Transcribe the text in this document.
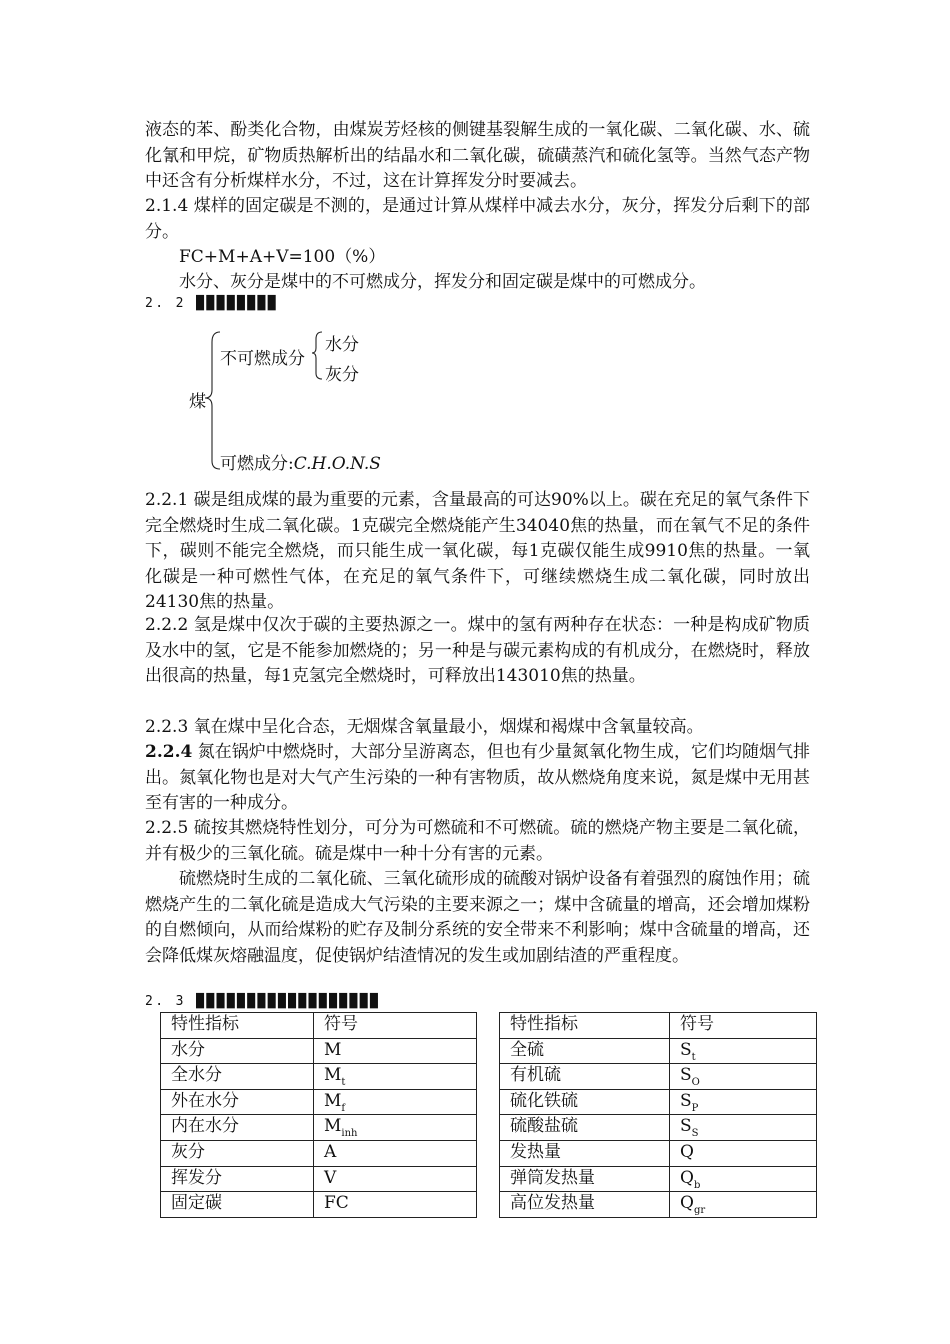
液态的苯、酚类化合物，由煤炭芳烃核的侧键基裂解生成的一氧化碳、二氧化碳、水、硫化氰和甲烷，矿物质热解析出的结晶水和二氧化碳，硫磺蒸汽和硫化氢等。当然气态产物中还含有分析煤样水分，不过，这在计算挥发分时要减去。
2.1.4 煤样的固定碳是不测的，是通过计算从煤样中减去水分，灰分，挥发分后剩下的部分。
FC+M+A+V=100（%）
水分、灰分是煤中的不可燃成分，挥发分和固定碳是煤中的可燃成分。
2. 2 ████████
煤
不可燃成分
水分
灰分
可燃成分:C.H.O.N.S
2.2.1 碳是组成煤的最为重要的元素，含量最高的可达90%以上。碳在充足的氧气条件下完全燃烧时生成二氧化碳。1克碳完全燃烧能产生34040焦的热量，而在氧气不足的条件下，碳则不能完全燃烧，而只能生成一氧化碳，每1克碳仅能生成9910焦的热量。一氧化碳是一种可燃性气体，在充足的氧气条件下，可继续燃烧生成二氧化碳，同时放出24130焦的热量。
2.2.2 氢是煤中仅次于碳的主要热源之一。煤中的氢有两种存在状态：一种是构成矿物质及水中的氢，它是不能参加燃烧的；另一种是与碳元素构成的有机成分，在燃烧时，释放出很高的热量，每1克氢完全燃烧时，可释放出143010焦的热量。
2.2.3 氧在煤中呈化合态，无烟煤含氧量最小，烟煤和褐煤中含氧量较高。
2.2.4 氮在锅炉中燃烧时，大部分呈游离态，但也有少量氮氧化物生成，它们均随烟气排出。氮氧化物也是对大气产生污染的一种有害物质，故从燃烧角度来说，氮是煤中无用甚至有害的一种成分。
2.2.5 硫按其燃烧特性划分，可分为可燃硫和不可燃硫。硫的燃烧产物主要是二氧化硫，并有极少的三氧化硫。硫是煤中一种十分有害的元素。
硫燃烧时生成的二氧化硫、三氧化硫形成的硫酸对锅炉设备有着强烈的腐蚀作用；硫燃烧产生的二氧化硫是造成大气污染的主要来源之一；煤中含硫量的增高，还会增加煤粉的自燃倾向，从而给煤粉的贮存及制分系统的安全带来不利影响；煤中含硫量的增高，还会降低煤灰熔融温度，促使锅炉结渣情况的发生或加剧结渣的严重程度。
2. 3 ██████████████████
特性指标	符号
水分	M
全水分	$M_t$
外在水分	$M_f$
内在水分	$M_{inh}$
灰分	A
挥发分	V
固定碳	FC
特性指标	符号
全硫	$S_t$
有机硫	$S_O$
硫化铁硫	$S_P$
硫酸盐硫	$S_S$
发热量	Q
弹筒发热量	$Q_b$
高位发热量	$Q_{gr}$
